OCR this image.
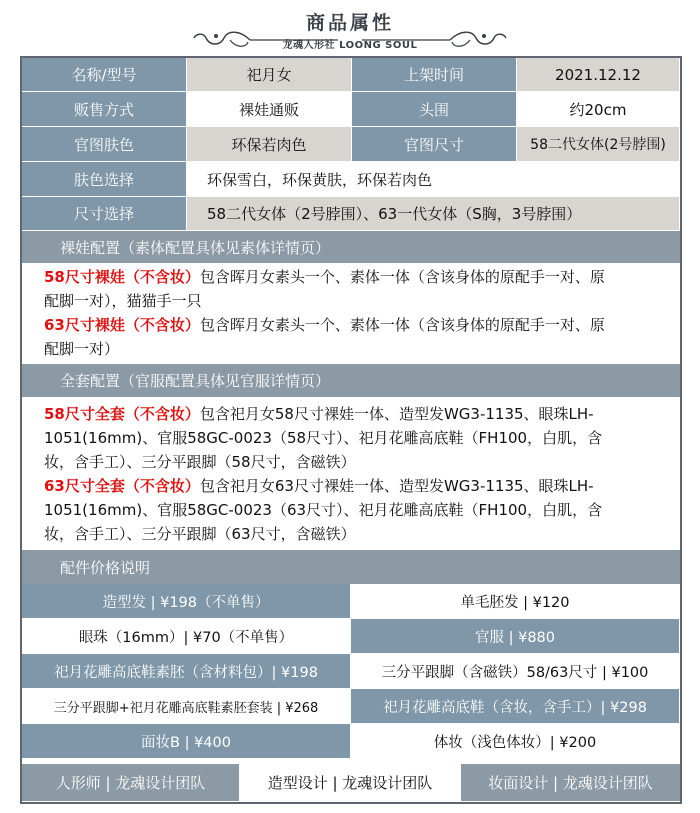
商品属性
龙魂人形社 LOONG SOUL
名称/型号	祀月女	上架时间	2021.12.12
贩售方式	裸娃通贩	头围	约20cm
官图肤色	环保若肉色	官图尺寸	58二代女体(2号脖围)
肤色选择	环保雪白，环保黄肤，环保若肉色
尺寸选择	58二代女体（2号脖围）、63一代女体（S胸，3号脖围）
裸娃配置（素体配置具体见素体详情页）
58尺寸裸娃（不含妆）包含晖月女素头一个、素体一体（含该身体的原配手一对、原
配脚一对），猫猫手一只
63尺寸裸娃（不含妆）包含晖月女素头一个、素体一体（含该身体的原配手一对、原
配脚一对）
全套配置（官服配置具体见官服详情页）
58尺寸全套（不含妆）包含祀月女58尺寸裸娃一体、造型发WG3-1135、眼珠LH-
1051(16mm)、官服58GC-0023（58尺寸）、祀月花雕高底鞋（FH100，白肌，含
妆，含手工）、三分平跟脚（58尺寸，含磁铁）
63尺寸全套（不含妆）包含祀月女63尺寸裸娃一体、造型发WG3-1135、眼珠LH-
1051(16mm)、官服58GC-0023（63尺寸）、祀月花雕高底鞋（FH100，白肌，含
妆，含手工）、三分平跟脚（63尺寸，含磁铁）
配件价格说明
造型发 | ¥198（不单售）	单毛胚发 | ¥120
眼珠（16mm）| ¥70（不单售）	官服 | ¥880
祀月花雕高底鞋素胚（含材料包）| ¥198	三分平跟脚（含磁铁）58/63尺寸 | ¥100
三分平跟脚+祀月花雕高底鞋素胚套装 | ¥268	祀月花雕高底鞋（含妆，含手工）| ¥298
面妆B | ¥400	体妆（浅色体妆）| ¥200
人形师 | 龙魂设计团队	造型设计 | 龙魂设计团队	妆面设计 | 龙魂设计团队
